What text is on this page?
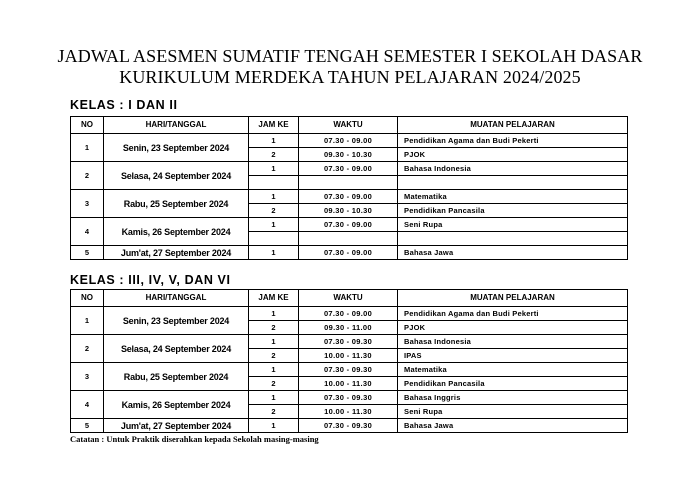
JADWAL ASESMEN SUMATIF TENGAH SEMESTER I SEKOLAH DASAR
KURIKULUM MERDEKA TAHUN PELAJARAN 2024/2025
KELAS : I DAN II
NO	HARI/TANGGAL	JAM KE	WAKTU	MUATAN PELAJARAN
1	Senin, 23 September 2024	1	07.30 - 09.00	Pendidikan Agama dan Budi Pekerti
		2	09.30 - 10.30	PJOK
2	Selasa, 24 September 2024	1	07.30 - 09.00	Bahasa Indonesia

3	Rabu, 25 September 2024	1	07.30 - 09.00	Matematika
		2	09.30 - 10.30	Pendidikan Pancasila
4	Kamis, 26 September 2024	1	07.30 - 09.00	Seni Rupa

5	Jum'at, 27 September 2024	1	07.30 - 09.00	Bahasa Jawa
KELAS : III, IV, V, DAN VI
NO	HARI/TANGGAL	JAM KE	WAKTU	MUATAN PELAJARAN
1	Senin, 23 September 2024	1	07.30 - 09.00	Pendidikan Agama dan Budi Pekerti
		2	09.30 - 11.00	PJOK
2	Selasa, 24 September 2024	1	07.30 - 09.30	Bahasa Indonesia
		2	10.00 - 11.30	IPAS
3	Rabu, 25 September 2024	1	07.30 - 09.30	Matematika
		2	10.00 - 11.30	Pendidikan Pancasila
4	Kamis, 26 September 2024	1	07.30 - 09.30	Bahasa Inggris
		2	10.00 - 11.30	Seni Rupa
5	Jum'at, 27 September 2024	1	07.30 - 09.30	Bahasa Jawa
Catatan : Untuk Praktik diserahkan kepada Sekolah masing-masing
